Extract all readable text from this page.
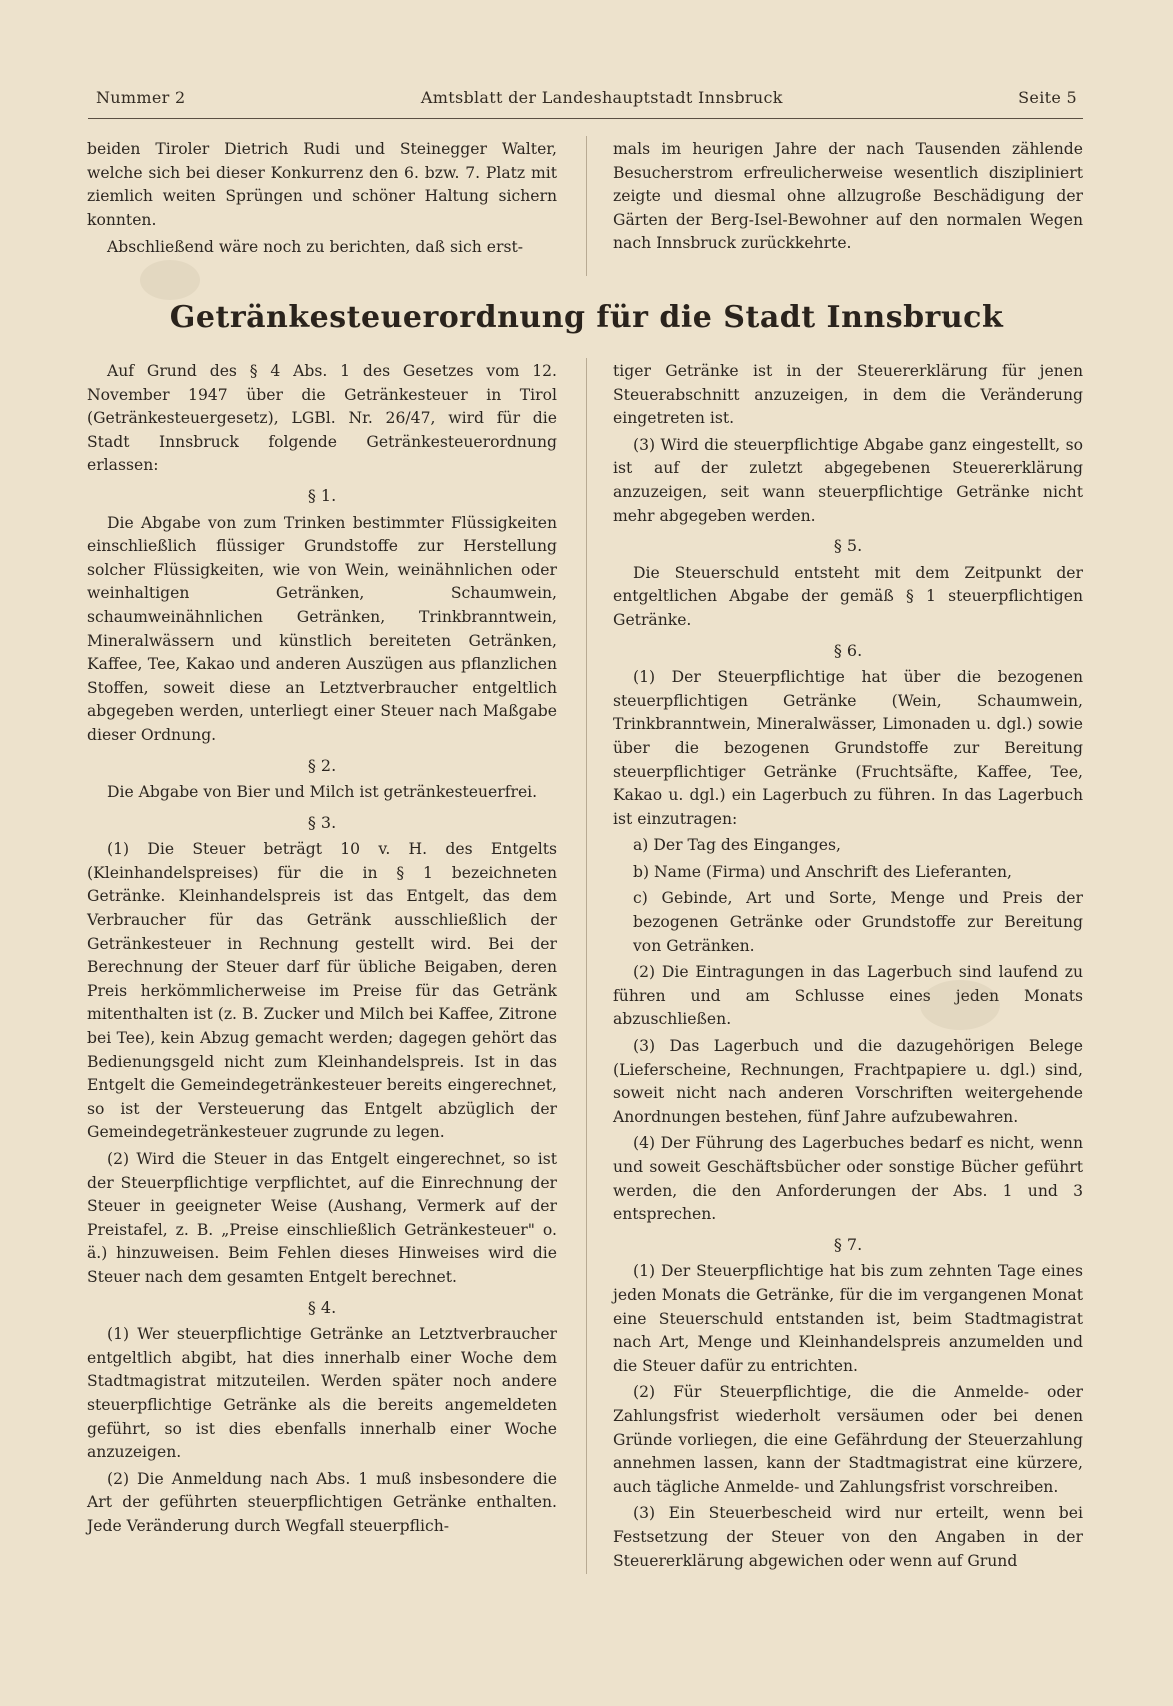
Nummer 2	Amtsblatt der Landeshauptstadt Innsbruck	Seite 5

beiden Tiroler Dietrich Rudi und Steinegger Walter, welche sich bei dieser Konkurrenz den 6. bzw. 7. Platz mit ziemlich weiten Sprüngen und schöner Haltung sichern konnten.

Abschließend wäre noch zu berichten, daß sich erst-

mals im heurigen Jahre der nach Tausenden zählende Besucherstrom erfreulicherweise wesentlich diszipliniert zeigte und diesmal ohne allzugroße Beschädigung der Gärten der Berg-Isel-Bewohner auf den normalen Wegen nach Innsbruck zurückkehrte.

Getränkesteuerordnung für die Stadt Innsbruck

Auf Grund des § 4 Abs. 1 des Gesetzes vom 12. November 1947 über die Getränkesteuer in Tirol (Getränkesteuergesetz), LGBl. Nr. 26/47, wird für die Stadt Innsbruck folgende Getränkesteuerordnung erlassen:

§ 1.

Die Abgabe von zum Trinken bestimmter Flüssigkeiten einschließlich flüssiger Grundstoffe zur Herstellung solcher Flüssigkeiten, wie von Wein, weinähnlichen oder weinhaltigen Getränken, Schaumwein, schaumweinähnlichen Getränken, Trinkbranntwein, Mineralwässern und künstlich bereiteten Getränken, Kaffee, Tee, Kakao und anderen Auszügen aus pflanzlichen Stoffen, soweit diese an Letztverbraucher entgeltlich abgegeben werden, unterliegt einer Steuer nach Maßgabe dieser Ordnung.

§ 2.

Die Abgabe von Bier und Milch ist getränkesteuerfrei.

§ 3.

(1) Die Steuer beträgt 10 v. H. des Entgelts (Kleinhandelspreises) für die in § 1 bezeichneten Getränke. Kleinhandelspreis ist das Entgelt, das dem Verbraucher für das Getränk ausschließlich der Getränkesteuer in Rechnung gestellt wird. Bei der Berechnung der Steuer darf für übliche Beigaben, deren Preis herkömmlicherweise im Preise für das Getränk mitenthalten ist (z. B. Zucker und Milch bei Kaffee, Zitrone bei Tee), kein Abzug gemacht werden; dagegen gehört das Bedienungsgeld nicht zum Kleinhandelspreis. Ist in das Entgelt die Gemeindegetränkesteuer bereits eingerechnet, so ist der Versteuerung das Entgelt abzüglich der Gemeindegetränkesteuer zugrunde zu legen.

(2) Wird die Steuer in das Entgelt eingerechnet, so ist der Steuerpflichtige verpflichtet, auf die Einrechnung der Steuer in geeigneter Weise (Aushang, Vermerk auf der Preistafel, z. B. „Preise einschließlich Getränkesteuer" o. ä.) hinzuweisen. Beim Fehlen dieses Hinweises wird die Steuer nach dem gesamten Entgelt berechnet.

§ 4.

(1) Wer steuerpflichtige Getränke an Letztverbraucher entgeltlich abgibt, hat dies innerhalb einer Woche dem Stadtmagistrat mitzuteilen. Werden später noch andere steuerpflichtige Getränke als die bereits angemeldeten geführt, so ist dies ebenfalls innerhalb einer Woche anzuzeigen.

(2) Die Anmeldung nach Abs. 1 muß insbesondere die Art der geführten steuerpflichtigen Getränke enthalten. Jede Veränderung durch Wegfall steuerpflich-

tiger Getränke ist in der Steuererklärung für jenen Steuerabschnitt anzuzeigen, in dem die Veränderung eingetreten ist.

(3) Wird die steuerpflichtige Abgabe ganz eingestellt, so ist auf der zuletzt abgegebenen Steuererklärung anzuzeigen, seit wann steuerpflichtige Getränke nicht mehr abgegeben werden.

§ 5.

Die Steuerschuld entsteht mit dem Zeitpunkt der entgeltlichen Abgabe der gemäß § 1 steuerpflichtigen Getränke.

§ 6.

(1) Der Steuerpflichtige hat über die bezogenen steuerpflichtigen Getränke (Wein, Schaumwein, Trinkbranntwein, Mineralwässer, Limonaden u. dgl.) sowie über die bezogenen Grundstoffe zur Bereitung steuerpflichtiger Getränke (Fruchtsäfte, Kaffee, Tee, Kakao u. dgl.) ein Lagerbuch zu führen. In das Lagerbuch ist einzutragen:

a) Der Tag des Einganges,

b) Name (Firma) und Anschrift des Lieferanten,

c) Gebinde, Art und Sorte, Menge und Preis der bezogenen Getränke oder Grundstoffe zur Bereitung von Getränken.

(2) Die Eintragungen in das Lagerbuch sind laufend zu führen und am Schlusse eines jeden Monats abzuschließen.

(3) Das Lagerbuch und die dazugehörigen Belege (Lieferscheine, Rechnungen, Frachtpapiere u. dgl.) sind, soweit nicht nach anderen Vorschriften weitergehende Anordnungen bestehen, fünf Jahre aufzubewahren.

(4) Der Führung des Lagerbuches bedarf es nicht, wenn und soweit Geschäftsbücher oder sonstige Bücher geführt werden, die den Anforderungen der Abs. 1 und 3 entsprechen.

§ 7.

(1) Der Steuerpflichtige hat bis zum zehnten Tage eines jeden Monats die Getränke, für die im vergangenen Monat eine Steuerschuld entstanden ist, beim Stadtmagistrat nach Art, Menge und Kleinhandelspreis anzumelden und die Steuer dafür zu entrichten.

(2) Für Steuerpflichtige, die die Anmelde- oder Zahlungsfrist wiederholt versäumen oder bei denen Gründe vorliegen, die eine Gefährdung der Steuerzahlung annehmen lassen, kann der Stadtmagistrat eine kürzere, auch tägliche Anmelde- und Zahlungsfrist vorschreiben.

(3) Ein Steuerbescheid wird nur erteilt, wenn bei Festsetzung der Steuer von den Angaben in der Steuererklärung abgewichen oder wenn auf Grund
